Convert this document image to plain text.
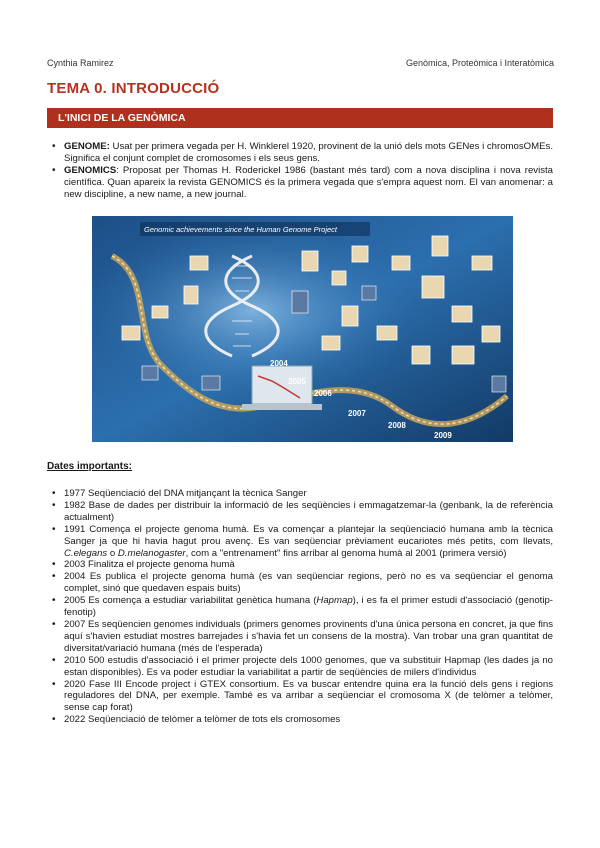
Cynthia Ramirez	Genòmica, Proteòmica i Interatòmica
TEMA 0. INTRODUCCIÓ
L'INICI DE LA GENÒMICA
• GENOME: Usat per primera vegada per H. Winklerel 1920, provinent de la unió dels mots GENes i chromosOMEs. Significa el conjunt complet de cromosomes i els seus gens.
• GENOMICS: Proposat per Thomas H. Roderickel 1986 (bastant més tard) com a nova disciplina i nova revista científica. Quan apareix la revista GENOMICS és la primera vegada que s'empra aquest nom. El van anomenar: a new discipline, a new name, a new journal.
Genomic achievements since the Human Genome Project
2004
2005
2006
2007
2008
2009
Dates importants:
• 1977 Seqüenciació del DNA mitjançant la tècnica Sanger
• 1982 Base de dades per distribuir la informació de les seqüències i emmagatzemar-la (genbank, la de referència actualment)
• 1991 Comença el projecte genoma humà. Es va començar a plantejar la seqüenciació humana amb la tècnica Sanger ja que hi havia hagut prou avenç. Es van seqüenciar prèviament eucariotes més petits, com llevats, C.elegans o D.melanogaster, com a "entrenament" fins arribar al genoma humà al 2001 (primera versió)
• 2003 Finalitza el projecte genoma humà
• 2004 Es publica el projecte genoma humà (es van seqüenciar regions, però no es va seqüenciar el genoma complet, sinó que quedaven espais buits)
• 2005 Es comença a estudiar variabilitat genètica humana (Hapmap), i es fa el primer estudi d'associació (genotip-fenotip)
• 2007 Es seqüencien genomes individuals (primers genomes provinents d'una única persona en concret, ja que fins aquí s'havien estudiat mostres barrejades i s'havia fet un consens de la mostra). Van trobar una gran quantitat de diversitat/variació humana (més de l'esperada)
• 2010 500 estudis d'associació i el primer projecte dels 1000 genomes, que va substituir Hapmap (les dades ja no estan disponibles). Es va poder estudiar la variabilitat a partir de seqüències de milers d'individus
• 2020 Fase III Encode project i GTEX consortium. Es va buscar entendre quina era la funció dels gens i regions reguladores del DNA, per exemple. També es va arribar a seqüenciar el cromosoma X (de telòmer a telòmer, sense cap forat)
• 2022 Seqüenciació de telòmer a telòmer de tots els cromosomes
